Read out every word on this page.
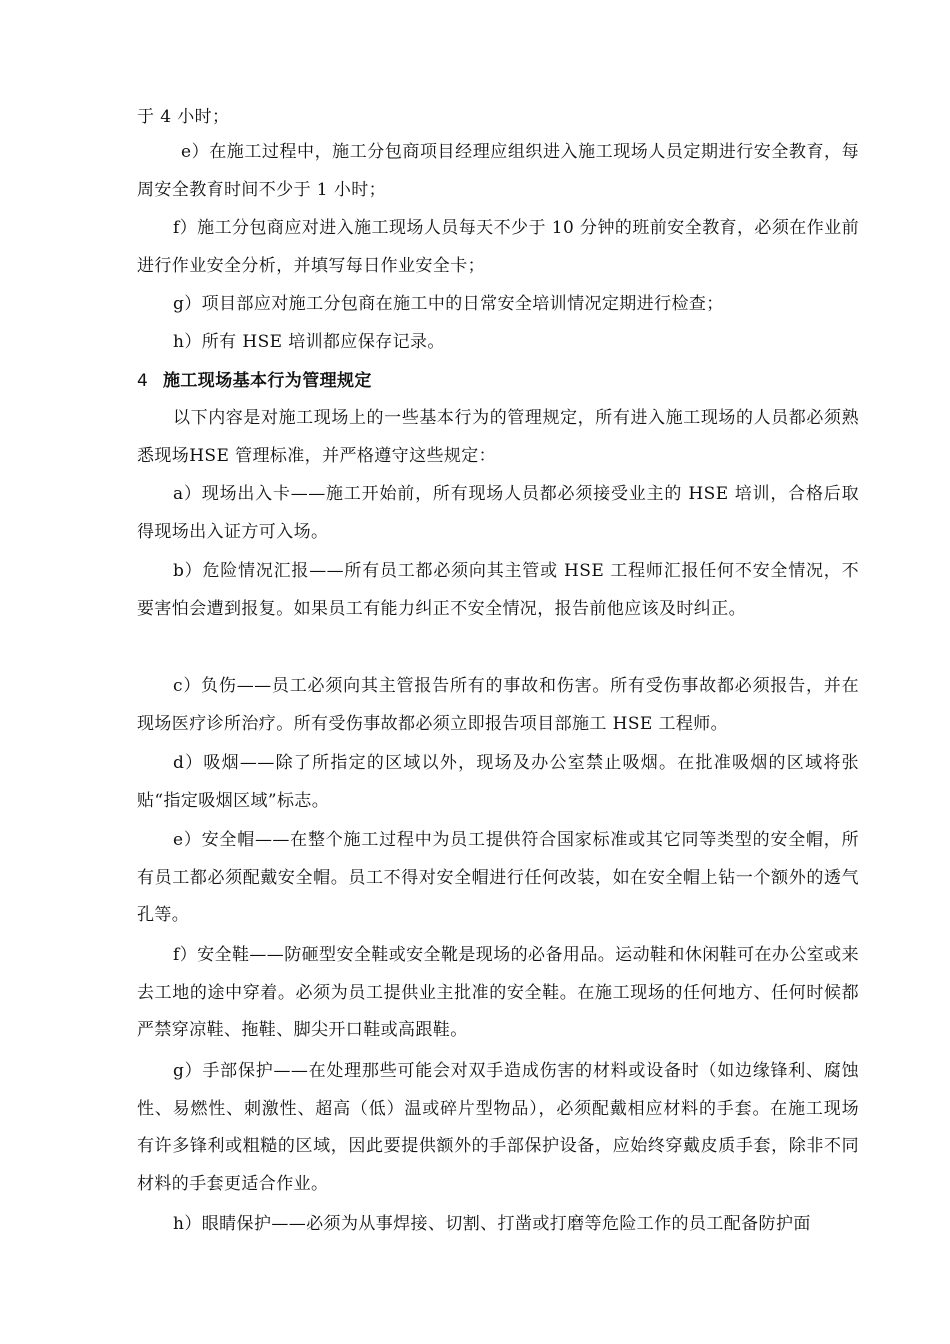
于 4 小时；

e）在施工过程中，施工分包商项目经理应组织进入施工现场人员定期进行安全教育，每周安全教育时间不少于 1 小时；

f）施工分包商应对进入施工现场人员每天不少于 10 分钟的班前安全教育，必须在作业前进行作业安全分析，并填写每日作业安全卡；

g）项目部应对施工分包商在施工中的日常安全培训情况定期进行检查；

h）所有 HSE 培训都应保存记录。

4 施工现场基本行为管理规定

以下内容是对施工现场上的一些基本行为的管理规定，所有进入施工现场的人员都必须熟悉现场HSE 管理标准，并严格遵守这些规定：

a）现场出入卡——施工开始前，所有现场人员都必须接受业主的 HSE 培训，合格后取得现场出入证方可入场。

b）危险情况汇报——所有员工都必须向其主管或 HSE 工程师汇报任何不安全情况，不要害怕会遭到报复。如果员工有能力纠正不安全情况，报告前他应该及时纠正。

c）负伤——员工必须向其主管报告所有的事故和伤害。所有受伤事故都必须报告，并在现场医疗诊所治疗。所有受伤事故都必须立即报告项目部施工 HSE 工程师。

d）吸烟——除了所指定的区域以外，现场及办公室禁止吸烟。在批准吸烟的区域将张贴“指定吸烟区域”标志。

e）安全帽——在整个施工过程中为员工提供符合国家标准或其它同等类型的安全帽，所有员工都必须配戴安全帽。员工不得对安全帽进行任何改装，如在安全帽上钻一个额外的透气孔等。

f）安全鞋——防砸型安全鞋或安全靴是现场的必备用品。运动鞋和休闲鞋可在办公室或来去工地的途中穿着。必须为员工提供业主批准的安全鞋。在施工现场的任何地方、任何时候都严禁穿凉鞋、拖鞋、脚尖开口鞋或高跟鞋。

g）手部保护——在处理那些可能会对双手造成伤害的材料或设备时（如边缘锋利、腐蚀性、易燃性、刺激性、超高（低）温或碎片型物品），必须配戴相应材料的手套。在施工现场有许多锋利或粗糙的区域，因此要提供额外的手部保护设备，应始终穿戴皮质手套，除非不同材料的手套更适合作业。

h）眼睛保护——必须为从事焊接、切割、打凿或打磨等危险工作的员工配备防护面
